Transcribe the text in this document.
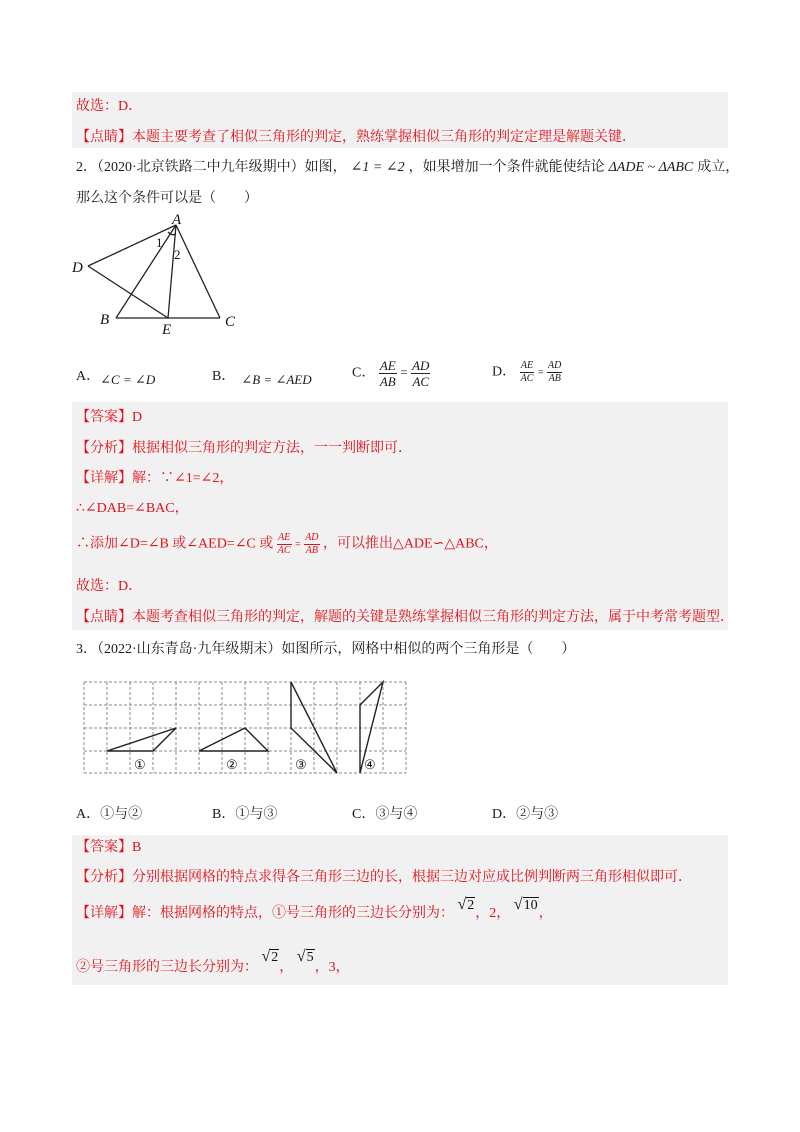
故选：D．
【点睛】本题主要考查了相似三角形的判定，熟练掌握相似三角形的判定定理是解题关键．
2．（2020·北京铁路二中九年级期中）如图， ∠1 = ∠2 ，如果增加一个条件就能使结论 ΔADE ~ ΔABC 成立，
那么这个条件可以是（　　）
A
B	C
D
E
1
2
A．∠C = ∠D	B． ∠B = ∠AED	C． $\frac{AE}{AB} = \frac{AD}{AC}$	D． $\frac{AE}{AC} = \frac{AD}{AB}$
【答案】D
【分析】根据相似三角形的判定方法，一一判断即可．
【详解】解：∵∠1=∠2，
∴∠DAB=∠BAC，
∴添加∠D=∠B 或∠AED=∠C 或 $\frac{AE}{AC} = \frac{AD}{AB}$ ，可以推出△ADE∽△ABC，
故选：D．
【点睛】本题考查相似三角形的判定，解题的关键是熟练掌握相似三角形的判定方法，属于中考常考题型．
3．（2022·山东青岛·九年级期末）如图所示，网格中相似的两个三角形是（　　）
①	②	③	④
A．①与②	B．①与③	C．③与④	D．②与③
【答案】B
【分析】分别根据网格的特点求得各三角形三边的长，根据三边对应成比例判断两三角形相似即可．
【详解】解：根据网格的特点，①号三角形的三边长分别为： √2，2， √10，
②号三角形的三边长分别为： √2， √5，3，
